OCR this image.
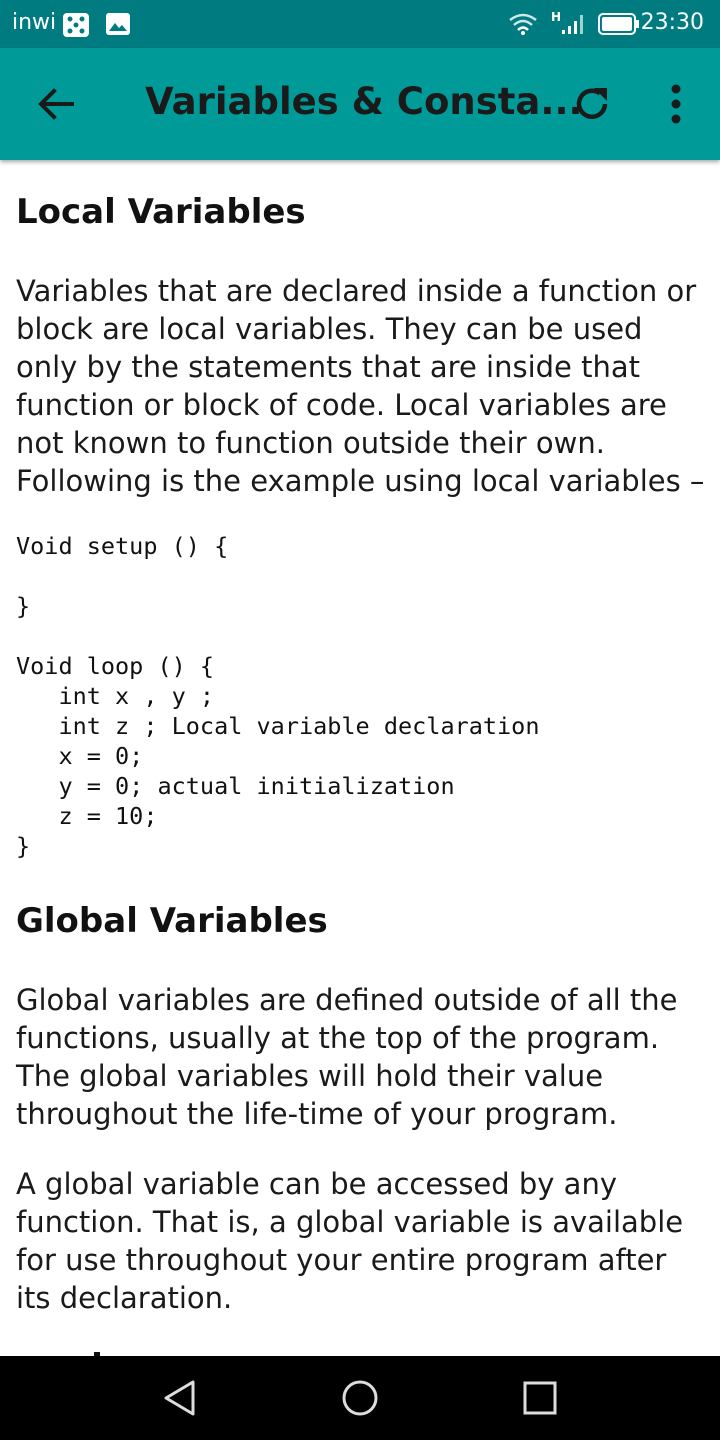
inwi	H	23:30
Variables & Consta...
Local Variables

Variables that are declared inside a function or block are local variables. They can be used only by the statements that are inside that function or block of code. Local variables are not known to function outside their own. Following is the example using local variables –

Void setup () {

}

Void loop () {
int x , y ;
int z ; Local variable declaration
x = 0;
y = 0; actual initialization
z = 10;
}
Global Variables

Global variables are defined outside of all the functions, usually at the top of the program. The global variables will hold their value throughout the life-time of your program.

A global variable can be accessed by any function. That is, a global variable is available for use throughout your entire program after its declaration.
